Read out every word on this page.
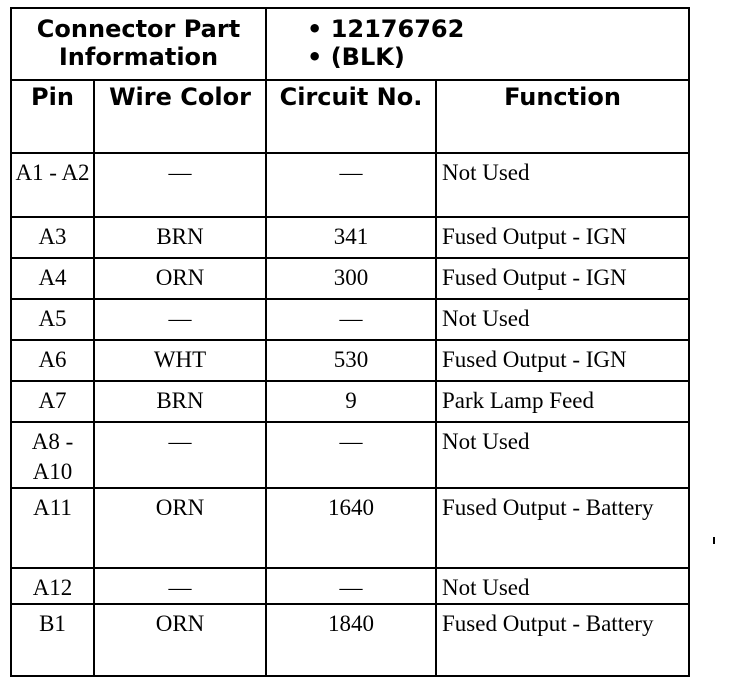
Connector Part Information		• 12176762
• (BLK)	

Pin	Wire Color	Circuit No.	Function
A1 - A2	—	—	Not Used
A3	BRN	341	Fused Output - IGN
A4	ORN	300	Fused Output - IGN
A5	—	—	Not Used
A6	WHT	530	Fused Output - IGN
A7	BRN	9	Park Lamp Feed
A8 - A10	—	—	Not Used
A11	ORN	1640	Fused Output - Battery
A12	—	—	Not Used
B1	ORN	1840	Fused Output - Battery
